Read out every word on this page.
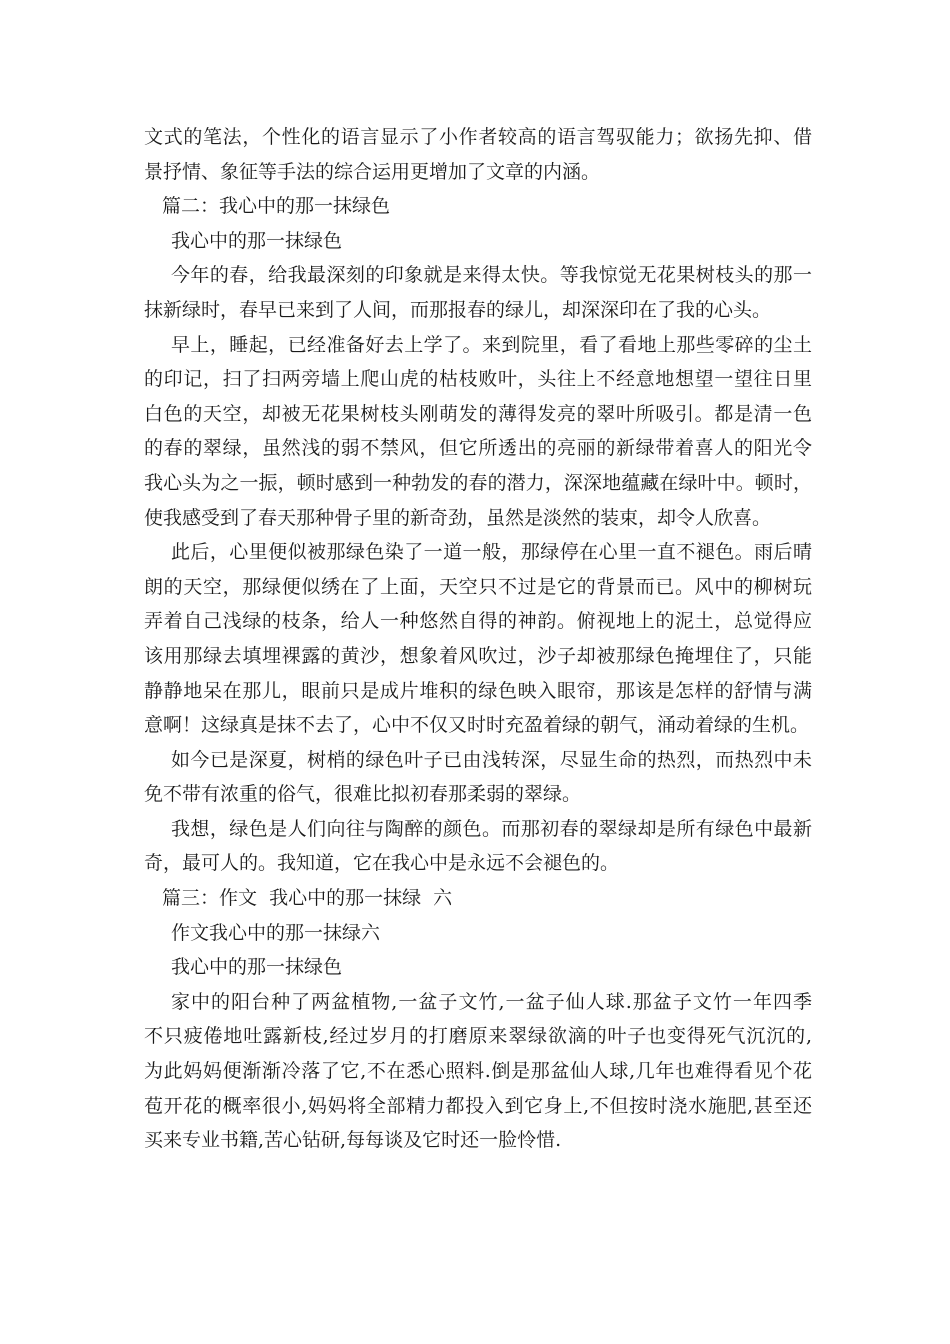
文式的笔法，个性化的语言显示了小作者较高的语言驾驭能力；欲扬先抑、借
景抒情、象征等手法的综合运用更增加了文章的内涵。
篇二：我心中的那一抹绿色
我心中的那一抹绿色
今年的春，给我最深刻的印象就是来得太快。等我惊觉无花果树枝头的那一
抹新绿时，春早已来到了人间，而那报春的绿儿，却深深印在了我的心头。
早上，睡起，已经准备好去上学了。来到院里，看了看地上那些零碎的尘土
的印记，扫了扫两旁墙上爬山虎的枯枝败叶，头往上不经意地想望一望往日里
白色的天空，却被无花果树枝头刚萌发的薄得发亮的翠叶所吸引。都是清一色
的春的翠绿，虽然浅的弱不禁风，但它所透出的亮丽的新绿带着喜人的阳光令
我心头为之一振，顿时感到一种勃发的春的潜力，深深地蕴藏在绿叶中。顿时，
使我感受到了春天那种骨子里的新奇劲，虽然是淡然的装束，却令人欣喜。
此后，心里便似被那绿色染了一道一般，那绿停在心里一直不褪色。雨后晴
朗的天空，那绿便似绣在了上面，天空只不过是它的背景而已。风中的柳树玩
弄着自己浅绿的枝条，给人一种悠然自得的神韵。俯视地上的泥土，总觉得应
该用那绿去填埋裸露的黄沙，想象着风吹过，沙子却被那绿色掩埋住了，只能
静静地呆在那儿，眼前只是成片堆积的绿色映入眼帘，那该是怎样的舒情与满
意啊！这绿真是抹不去了，心中不仅又时时充盈着绿的朝气，涌动着绿的生机。
如今已是深夏，树梢的绿色叶子已由浅转深，尽显生命的热烈，而热烈中未
免不带有浓重的俗气，很难比拟初春那柔弱的翠绿。
我想，绿色是人们向往与陶醉的颜色。而那初春的翠绿却是所有绿色中最新
奇，最可人的。我知道，它在我心中是永远不会褪色的。
篇三：作文  我心中的那一抹绿  六
作文我心中的那一抹绿六
我心中的那一抹绿色
家中的阳台种了两盆植物,一盆子文竹,一盆子仙人球.那盆子文竹一年四季
不只疲倦地吐露新枝,经过岁月的打磨原来翠绿欲滴的叶子也变得死气沉沉的,
为此妈妈便渐渐冷落了它,不在悉心照料.倒是那盆仙人球,几年也难得看见个花
苞开花的概率很小,妈妈将全部精力都投入到它身上,不但按时浇水施肥,甚至还
买来专业书籍,苦心钻研,每每谈及它时还一脸怜惜.
